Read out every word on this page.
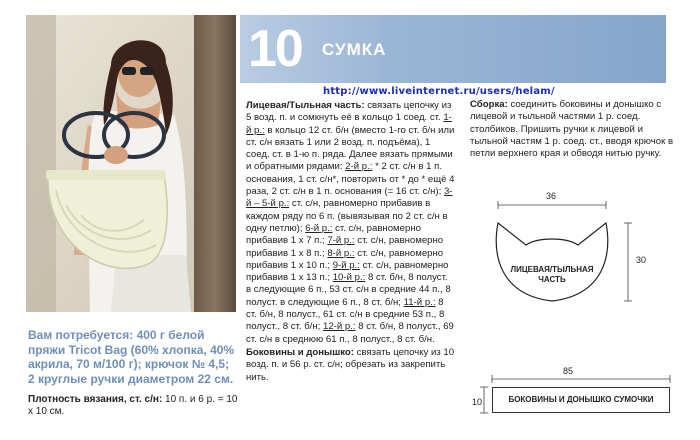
Вам потребуется: 400 г белой пряжи Tricot Bag (60% хлопка, 40% акрила, 70 м/100 г); крючок № 4,5; 2 круглые ручки диаметром 22 см.

Плотность вязания, ст. с/н: 10 п. и 6 р. = 10 х 10 см.

10 СУМКА
http://www.liveinternet.ru/users/helam/

Лицевая/Тыльная часть: связать цепочку из 5 возд. п. и сомкнуть её в кольцо 1 соед. ст. 1-й р.: в кольцо 12 ст. б/н (вместо 1-го ст. б/н или ст. с/н вязать 1 или 2 возд. п. подъёма), 1 соед. ст. в 1-ю п. ряда. Далее вязать прямыми и обратными рядами: 2-й р.: * 2 ст. с/н в 1 п. основания, 1 ст. с/н*, повторить от * до * ещё 4 раза, 2 ст. с/н в 1 п. основания (= 16 ст. с/н); 3-й – 5-й р.: ст. с/н, равномерно прибавив в каждом ряду по 6 п. (вывязывая по 2 ст. с/н в одну петлю); 6-й р.: ст. с/н, равномерно прибавив 1 х 7 п.; 7-й р.: ст. с/н, равномерно прибавив 1 х 8 п.; 8-й р.: ст. с/н, равномерно прибавив 1 х 10 п.; 9-й р.: ст. с/н, равномерно прибавив 1 х 13 п.; 10-й р.: 8 ст. б/н, 8 полуст. в следующие 6 п., 53 ст. с/н в средние 44 п., 8 полуст. в следующие 6 п., 8 ст. б/н; 11-й р.: 8 ст. б/н, 8 полуст., 61 ст. с/н в средние 53 п., 8 полуст., 8 ст. б/н; 12-й р.: 8 ст. б/н, 8 полуст., 69 ст. с/н в среднюю 61 п., 8 полуст., 8 ст. б/н.

Боковины и донышко: связать цепочку из 10 возд. п. и 56 р. ст. с/н; обрезать из закрепить нить.

Сборка: соединить боковины и донышко с лицевой и тыльной частями 1 р. соед. столбиков. Пришить ручки к лицевой и тыльной частям 1 р. соед. ст., вводя крючок в петли верхнего края и обводя нитью ручку.

36
30
ЛИЦЕВАЯ/ТЫЛЬНАЯ ЧАСТЬ
85
10	БОКОВИНЫ И ДОНЫШКО СУМОЧКИ
